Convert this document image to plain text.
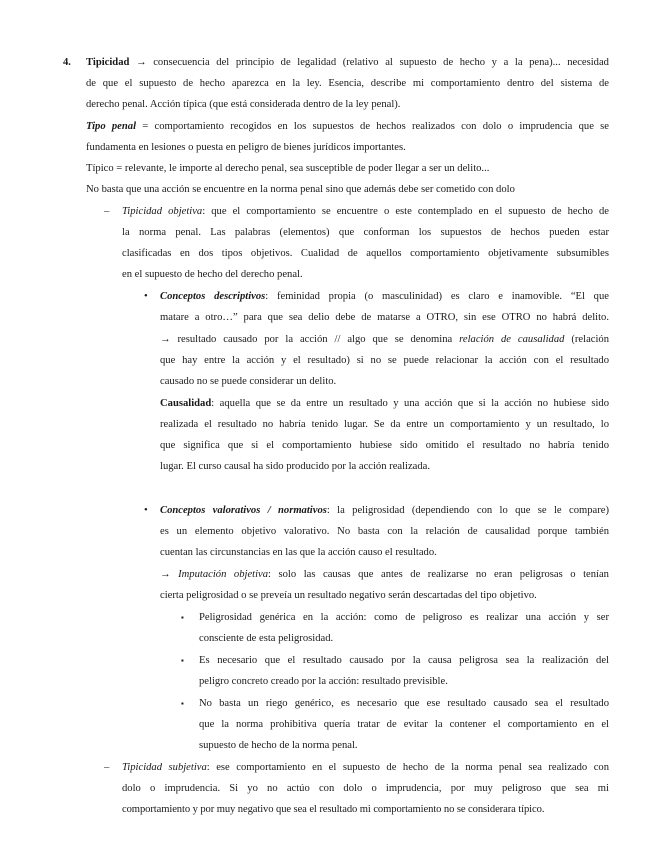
4. Tipicidad → consecuencia del principio de legalidad (relativo al supuesto de hecho y a la pena)... necesidad
de que el supuesto de hecho aparezca en la ley. Esencia, describe mi comportamiento dentro del sistema de
derecho penal. Acción típica (que está considerada dentro de la ley penal).
Tipo penal = comportamiento recogidos en los supuestos de hechos realizados con dolo o imprudencia que se
fundamenta en lesiones o puesta en peligro de bienes jurídicos importantes.
Típico = relevante, le importe al derecho penal, sea susceptible de poder llegar a ser un delito...
No basta que una acción se encuentre en la norma penal sino que además debe ser cometido con dolo
– Tipicidad objetiva: que el comportamiento se encuentre o este contemplado en el supuesto de hecho de
la norma penal. Las palabras (elementos) que conforman los supuestos de hechos pueden estar
clasificadas en dos tipos objetivos. Cualidad de aquellos comportamiento objetivamente subsumibles
en el supuesto de hecho del derecho penal.
• Conceptos descriptivos: feminidad propia (o masculinidad) es claro e inamovible. “El que
matare a otro…” para que sea delio debe de matarse a OTRO, sin ese OTRO no habrá delito.
→ resultado causado por la acción // algo que se denomina relación de causalidad (relación
que hay entre la acción y el resultado) si no se puede relacionar la acción con el resultado
causado no se puede considerar un delito.
Causalidad: aquella que se da entre un resultado y una acción que si la acción no hubiese sido
realizada el resultado no habría tenido lugar. Se da entre un comportamiento y un resultado, lo
que significa que si el comportamiento hubiese sido omitido el resultado no habría tenido
lugar. El curso causal ha sido producido por la acción realizada.
• Conceptos valorativos / normativos: la peligrosidad (dependiendo con lo que se le compare)
es un elemento objetivo valorativo. No basta con la relación de causalidad porque también
cuentan las circunstancias en las que la acción causo el resultado.
→ Imputación objetiva: solo las causas que antes de realizarse no eran peligrosas o tenían
cierta peligrosidad o se preveía un resultado negativo serán descartadas del tipo objetivo.
▪ Peligrosidad genérica en la acción: como de peligroso es realizar una acción y ser
consciente de esta peligrosidad.
▪ Es necesario que el resultado causado por la causa peligrosa sea la realización del
peligro concreto creado por la acción: resultado previsible.
▪ No basta un riego genérico, es necesario que ese resultado causado sea el resultado
que la norma prohibitiva quería tratar de evitar la contener el comportamiento en el
supuesto de hecho de la norma penal.
– Tipicidad subjetiva: ese comportamiento en el supuesto de hecho de la norma penal sea realizado con
dolo o imprudencia. Si yo no actúo con dolo o imprudencia, por muy peligroso que sea mi
comportamiento y por muy negativo que sea el resultado mi comportamiento no se considerara típico.
